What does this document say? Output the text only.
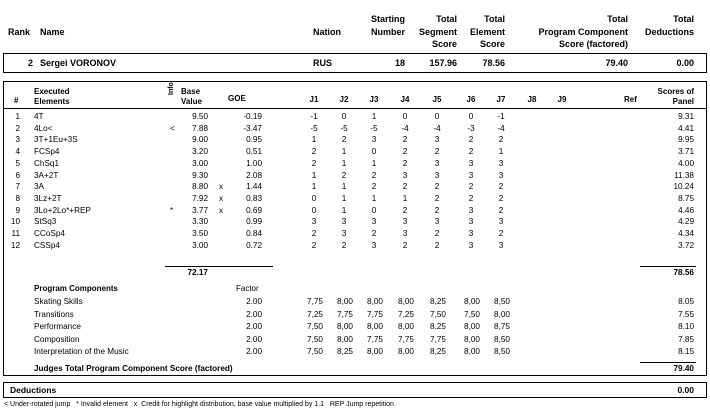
Rank Name	Nation
Starting
Number
Total
Segment
Score
Total
Element
Score
Total
Program Component
Score (factored)
Total
Deductions
2 Sergei VORONOV	RUS	18	157.96	78.56	79.40	0.00
#
Executed
Elements
Info Base
Value	GOE	J1	J2	J3	J4	J5	J6	J7	J8	J9	Ref
Scores of
Panel
1 4T	9.50	-0.19	-1	0	1	0	0	0	-1	9.31
2 4Lo<	<	7.88	-3.47	-5	-5	-5	-4	-4	-3	-4	4.41
3 3T+1Eu+3S	9.00	0.95	1	2	3	2	3	2	2	9.95
4 FCSp4	3.20	0.51	2	1	0	2	2	2	1	3.71
5 ChSq1	3.00	1.00	2	1	1	2	3	3	3	4.00
6 3A+2T	9.30	2.08	1	2	2	3	3	3	3	11.38
7 3A	8.80 x	1.44	1	1	2	2	2	2	2	10.24
8 3Lz+2T	7.92 x	0.83	0	1	1	1	2	2	2	8.75
9 3Lo+2Lo*+REP	*	3.77 x	0.69	0	1	0	2	2	3	2	4.46
10 StSq3	3.30	0.99	3	3	3	3	3	3	3	4.29
11 CCoSp4	3.50	0.84	2	3	2	3	2	3	2	4.34
12 CSSp4	3.00	0.72	2	2	3	2	2	3	3	3.72
72.17	78.56
Program Components	Factor
Skating Skills	2.00	7,75	8,00	8,00	8,00	8,25	8,00	8,50	8.05
Transitions	2.00	7,25	7,75	7,75	7,25	7,50	7,50	8,00	7.55
Performance	2.00	7,50	8,00	8,00	8,00	8,25	8,00	8,75	8.10
Composition	2.00	7,50	8,00	7,75	7,75	7,75	8,00	8,50	7.85
Interpretation of the Music	2.00	7,50	8,25	8,00	8,00	8,25	8,00	8,50	8.15
Judges Total Program Component Score (factored)	79.40
Deductions	0.00
< Under-rotated jump   * Invalid element   x  Credit for highlight distribution, base value multiplied by 1.1   REP Jump repetition
